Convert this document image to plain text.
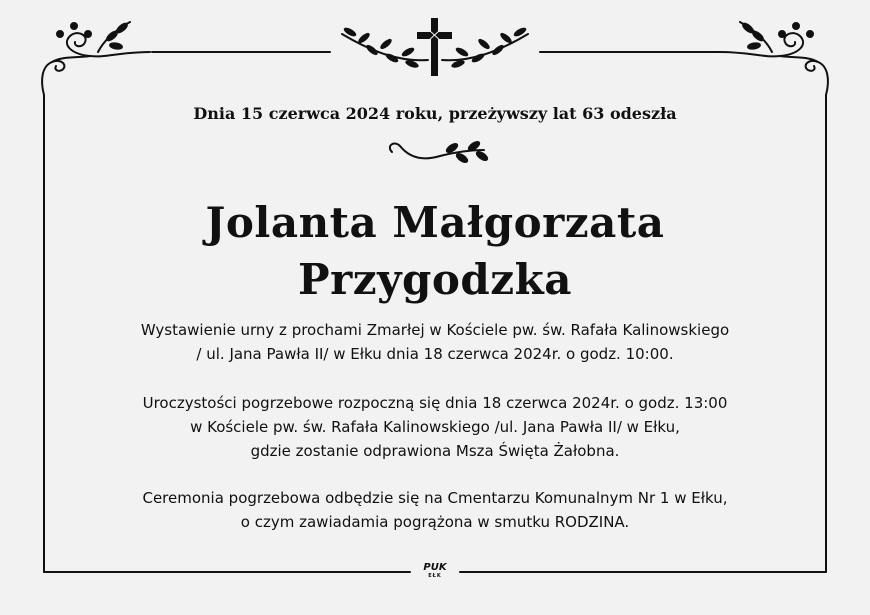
Dnia 15 czerwca 2024 roku, przeżywszy lat 63 odeszła
Jolanta Małgorzata
Przygodzka
Wystawienie urny z prochami Zmarłej w Kościele pw. św. Rafała Kalinowskiego
/ ul. Jana Pawła II/ w Ełku dnia 18 czerwca 2024r. o godz. 10:00.
Uroczystości pogrzebowe rozpoczną się dnia 18 czerwca 2024r. o godz. 13:00
w Kościele pw. św. Rafała Kalinowskiego /ul. Jana Pawła II/ w Ełku,
gdzie zostanie odprawiona Msza Święta Żałobna.
Ceremonia pogrzebowa odbędzie się na Cmentarzu Komunalnym Nr 1 w Ełku,
o czym zawiadamia pogrążona w smutku RODZINA.
PUK
EŁK
